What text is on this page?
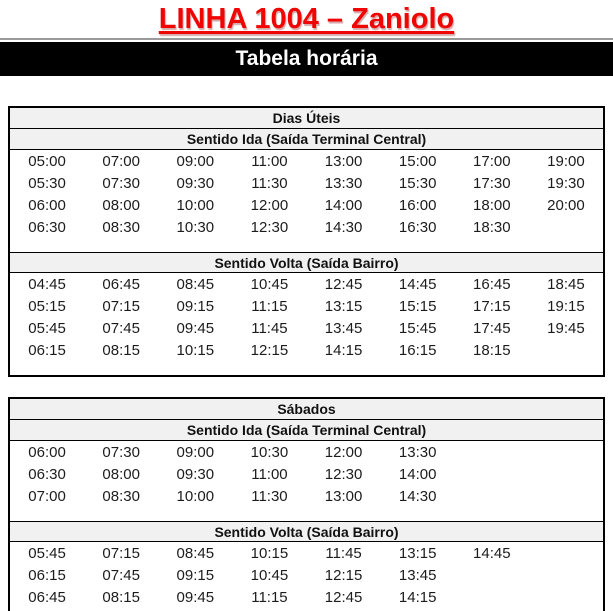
LINHA 1004 – Zaniolo
Tabela horária
Dias Úteis
Sentido Ida (Saída Terminal Central)
05:00	07:00	09:00	11:00	13:00	15:00	17:00	19:00
05:30	07:30	09:30	11:30	13:30	15:30	17:30	19:30
06:00	08:00	10:00	12:00	14:00	16:00	18:00	20:00
06:30	08:30	10:30	12:30	14:30	16:30	18:30
Sentido Volta (Saída Bairro)
04:45	06:45	08:45	10:45	12:45	14:45	16:45	18:45
05:15	07:15	09:15	11:15	13:15	15:15	17:15	19:15
05:45	07:45	09:45	11:45	13:45	15:45	17:45	19:45
06:15	08:15	10:15	12:15	14:15	16:15	18:15
Sábados
Sentido Ida (Saída Terminal Central)
06:00	07:30	09:00	10:30	12:00	13:30
06:30	08:00	09:30	11:00	12:30	14:00
07:00	08:30	10:00	11:30	13:00	14:30
Sentido Volta (Saída Bairro)
05:45	07:15	08:45	10:15	11:45	13:15	14:45
06:15	07:45	09:15	10:45	12:15	13:45
06:45	08:15	09:45	11:15	12:45	14:15
